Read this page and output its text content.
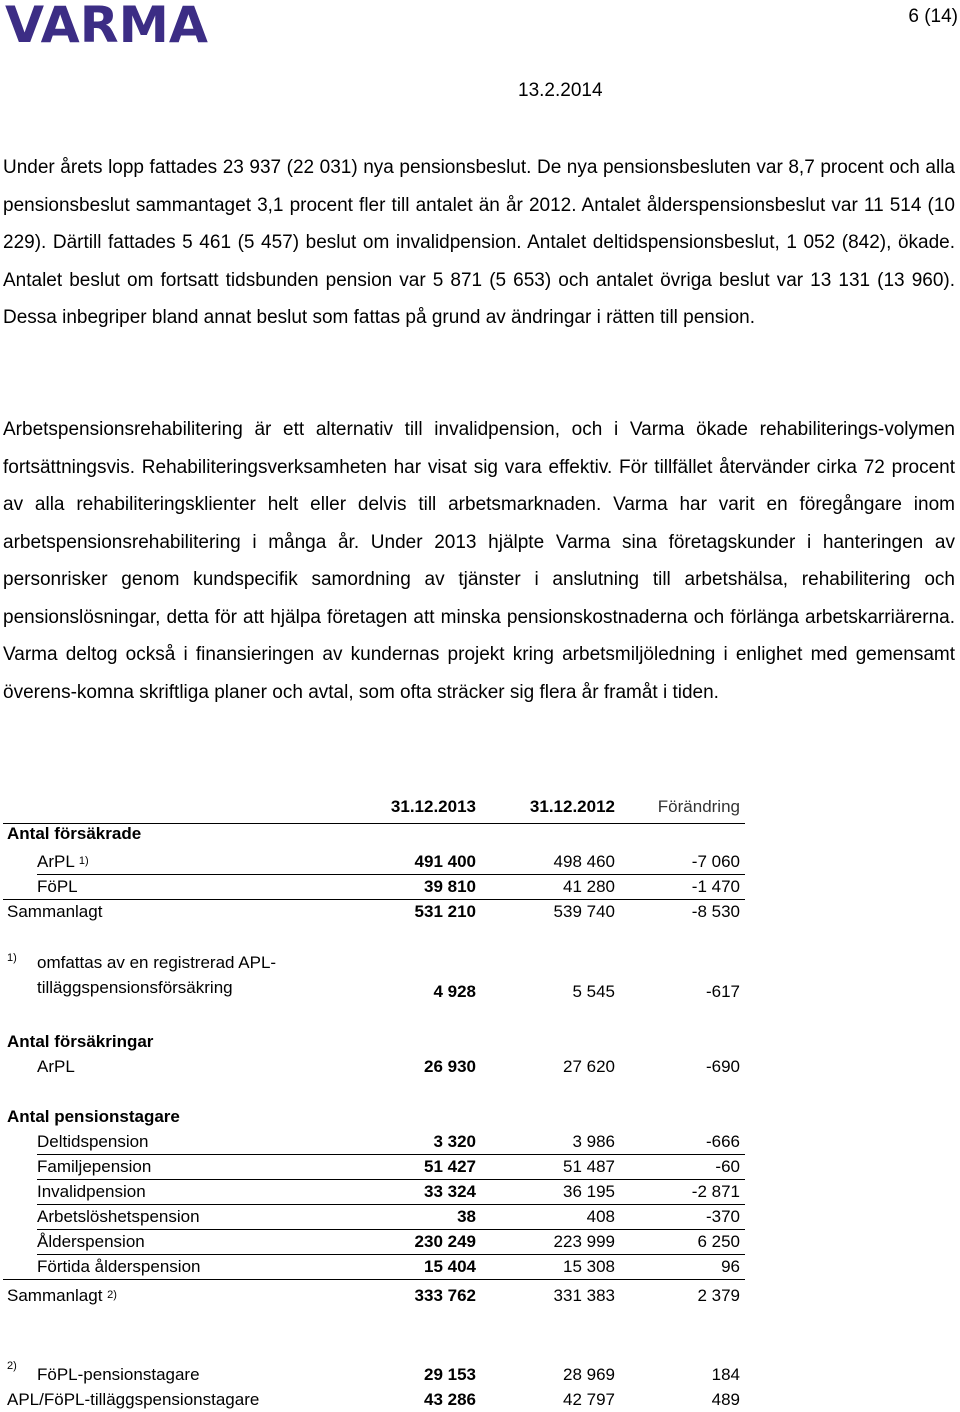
VARMA	6 (14)
13.2.2014

Under årets lopp fattades 23 937 (22 031) nya pensionsbeslut. De nya pensionsbesluten var 8,7 procent och alla pensionsbeslut sammantaget 3,1 procent fler till antalet än år 2012. Antalet ålderspensionsbeslut var 11 514 (10 229). Därtill fattades 5 461 (5 457) beslut om invalidpension. Antalet deltidspensionsbeslut, 1 052 (842), ökade. Antalet beslut om fortsatt tidsbunden pension var 5 871 (5 653) och antalet övriga beslut var 13 131 (13 960). Dessa inbegriper bland annat beslut som fattas på grund av ändringar i rätten till pension.

Arbetspensionsrehabilitering är ett alternativ till invalidpension, och i Varma ökade rehabiliterings-volymen fortsättningsvis. Rehabiliteringsverksamheten har visat sig vara effektiv. För tillfället återvänder cirka 72 procent av alla rehabiliteringsklienter helt eller delvis till arbetsmarknaden. Varma har varit en föregångare inom arbetspensionsrehabilitering i många år. Under 2013 hjälpte Varma sina företagskunder i hanteringen av personrisker genom kundspecifik samordning av tjänster i anslutning till arbetshälsa, rehabilitering och pensionslösningar, detta för att hjälpa företagen att minska pensionskostnaderna och förlänga arbetskarriärerna. Varma deltog också i finansieringen av kundernas projekt kring arbetsmiljöledning i enlighet med gemensamt överens-komna skriftliga planer och avtal, som ofta sträcker sig flera år framåt i tiden.

31.12.2013	31.12.2012	Förändring
Antal försäkrade
ArPL $^{1)}$	491 400	498 460	-7 060
FöPL	39 810	41 280	-1 470
Sammanlagt	531 210	539 740	-8 530
1) omfattas av en registrerad APL-
tilläggspensionsförsäkring	4 928	5 545	-617
Antal försäkringar
ArPL	26 930	27 620	-690
Antal pensionstagare
Deltidspension	3 320	3 986	-666
Familjepension	51 427	51 487	-60
Invalidpension	33 324	36 195	-2 871
Arbetslöshetspension	38	408	-370
Ålderspension	230 249	223 999	6 250
Förtida ålderspension	15 404	15 308	96
Sammanlagt $^{2)}$	333 762	331 383	2 379
2) FöPL-pensionstagare	29 153	28 969	184
APL/FöPL-tilläggspensionstagare	43 286	42 797	489
